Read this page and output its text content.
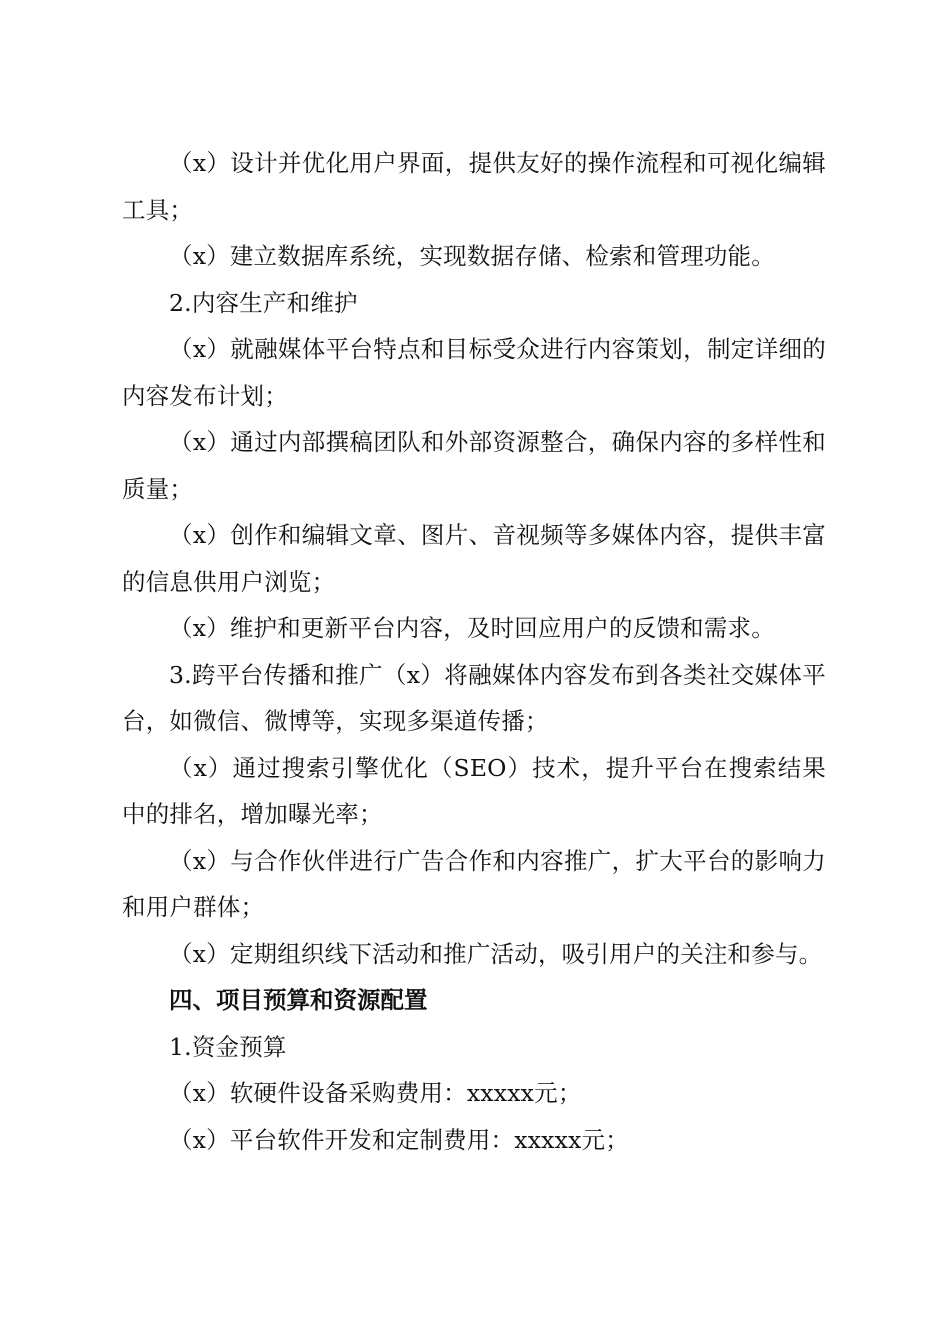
（x）设计并优化用户界面，提供友好的操作流程和可视化编辑工具；

（x）建立数据库系统，实现数据存储、检索和管理功能。

2.内容生产和维护

（x）就融媒体平台特点和目标受众进行内容策划，制定详细的内容发布计划；

（x）通过内部撰稿团队和外部资源整合，确保内容的多样性和质量；

（x）创作和编辑文章、图片、音视频等多媒体内容，提供丰富的信息供用户浏览；

（x）维护和更新平台内容，及时回应用户的反馈和需求。

3.跨平台传播和推广（x）将融媒体内容发布到各类社交媒体平台，如微信、微博等，实现多渠道传播；

（x）通过搜索引擎优化（SEO）技术，提升平台在搜索结果中的排名，增加曝光率；

（x）与合作伙伴进行广告合作和内容推广，扩大平台的影响力和用户群体；

（x）定期组织线下活动和推广活动，吸引用户的关注和参与。

四、项目预算和资源配置

1.资金预算

（x）软硬件设备采购费用：xxxxx元；

（x）平台软件开发和定制费用：xxxxx元；
